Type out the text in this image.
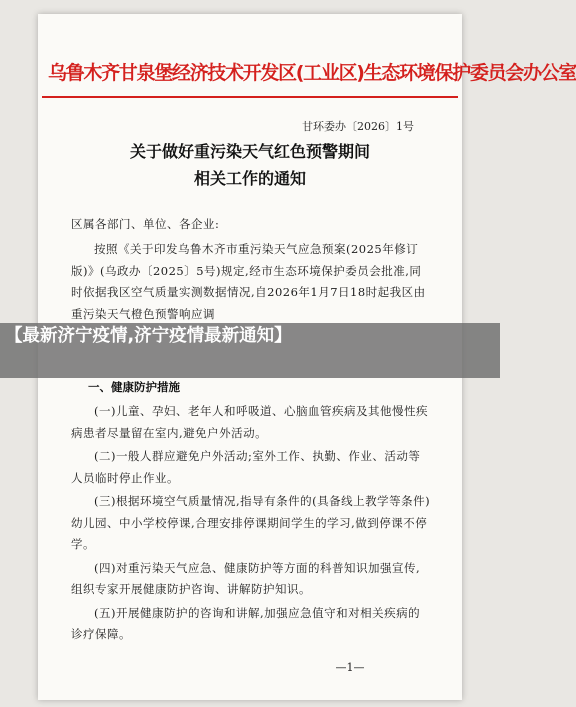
乌鲁木齐甘泉堡经济技术开发区(工业区)生态环境保护委员会办公室
甘环委办〔2026〕1号
关于做好重污染天气红色预警期间
相关工作的通知
区属各部门、单位、各企业:
按照《关于印发乌鲁木齐市重污染天气应急预案(2025年修订版)》(乌政办〔2025〕5号)规定,经市生态环境保护委员会批准,同时依据我区空气质量实测数据情况,自2026年1月7日18时起我区由重污染天气橙色预警响应调
一、健康防护措施

(一)儿童、孕妇、老年人和呼吸道、心脑血管疾病及其他慢性疾病患者尽量留在室内,避免户外活动。

(二)一般人群应避免户外活动;室外工作、执勤、作业、活动等人员临时停止作业。

(三)根据环境空气质量情况,指导有条件的(具备线上教学等条件)幼儿园、中小学校停课,合理安排停课期间学生的学习,做到停课不停学。

(四)对重污染天气应急、健康防护等方面的科普知识加强宣传,组织专家开展健康防护咨询、讲解防护知识。

(五)开展健康防护的咨询和讲解,加强应急值守和对相关疾病的诊疗保障。

—1—
【最新济宁疫情,济宁疫情最新通知】
